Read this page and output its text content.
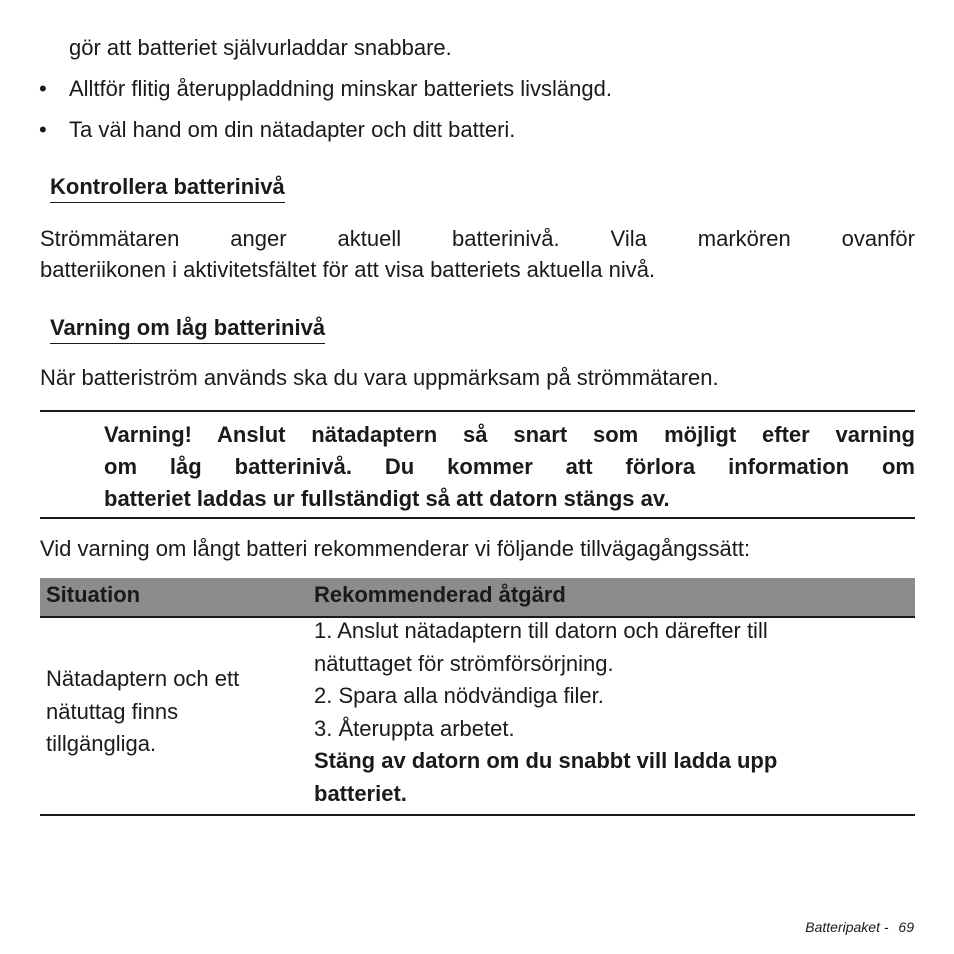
gör att batteriet självurladdar snabbare.
• Alltför flitig återuppladdning minskar batteriets livslängd.
• Ta väl hand om din nätadapter och ditt batteri.
Kontrollera batterinivå
Strömmätaren anger aktuell batterinivå. Vila markören ovanför
batteriikonen i aktivitetsfältet för att visa batteriets aktuella nivå.
Varning om låg batterinivå
När batteriström används ska du vara uppmärksam på strömmätaren.
Varning! Anslut nätadaptern så snart som möjligt efter varning
om låg batterinivå. Du kommer att förlora information om
batteriet laddas ur fullständigt så att datorn stängs av.
Vid varning om långt batteri rekommenderar vi följande tillvägagångssätt:
Situation	Rekommenderad åtgärd
Nätadaptern och ett
nätuttag finns
tillgängliga.
1. Anslut nätadaptern till datorn och därefter till
nätuttaget för strömförsörjning.
2. Spara alla nödvändiga filer.
3. Återuppta arbetet.
Stäng av datorn om du snabbt vill ladda upp
batteriet.
Batteripaket - 69
